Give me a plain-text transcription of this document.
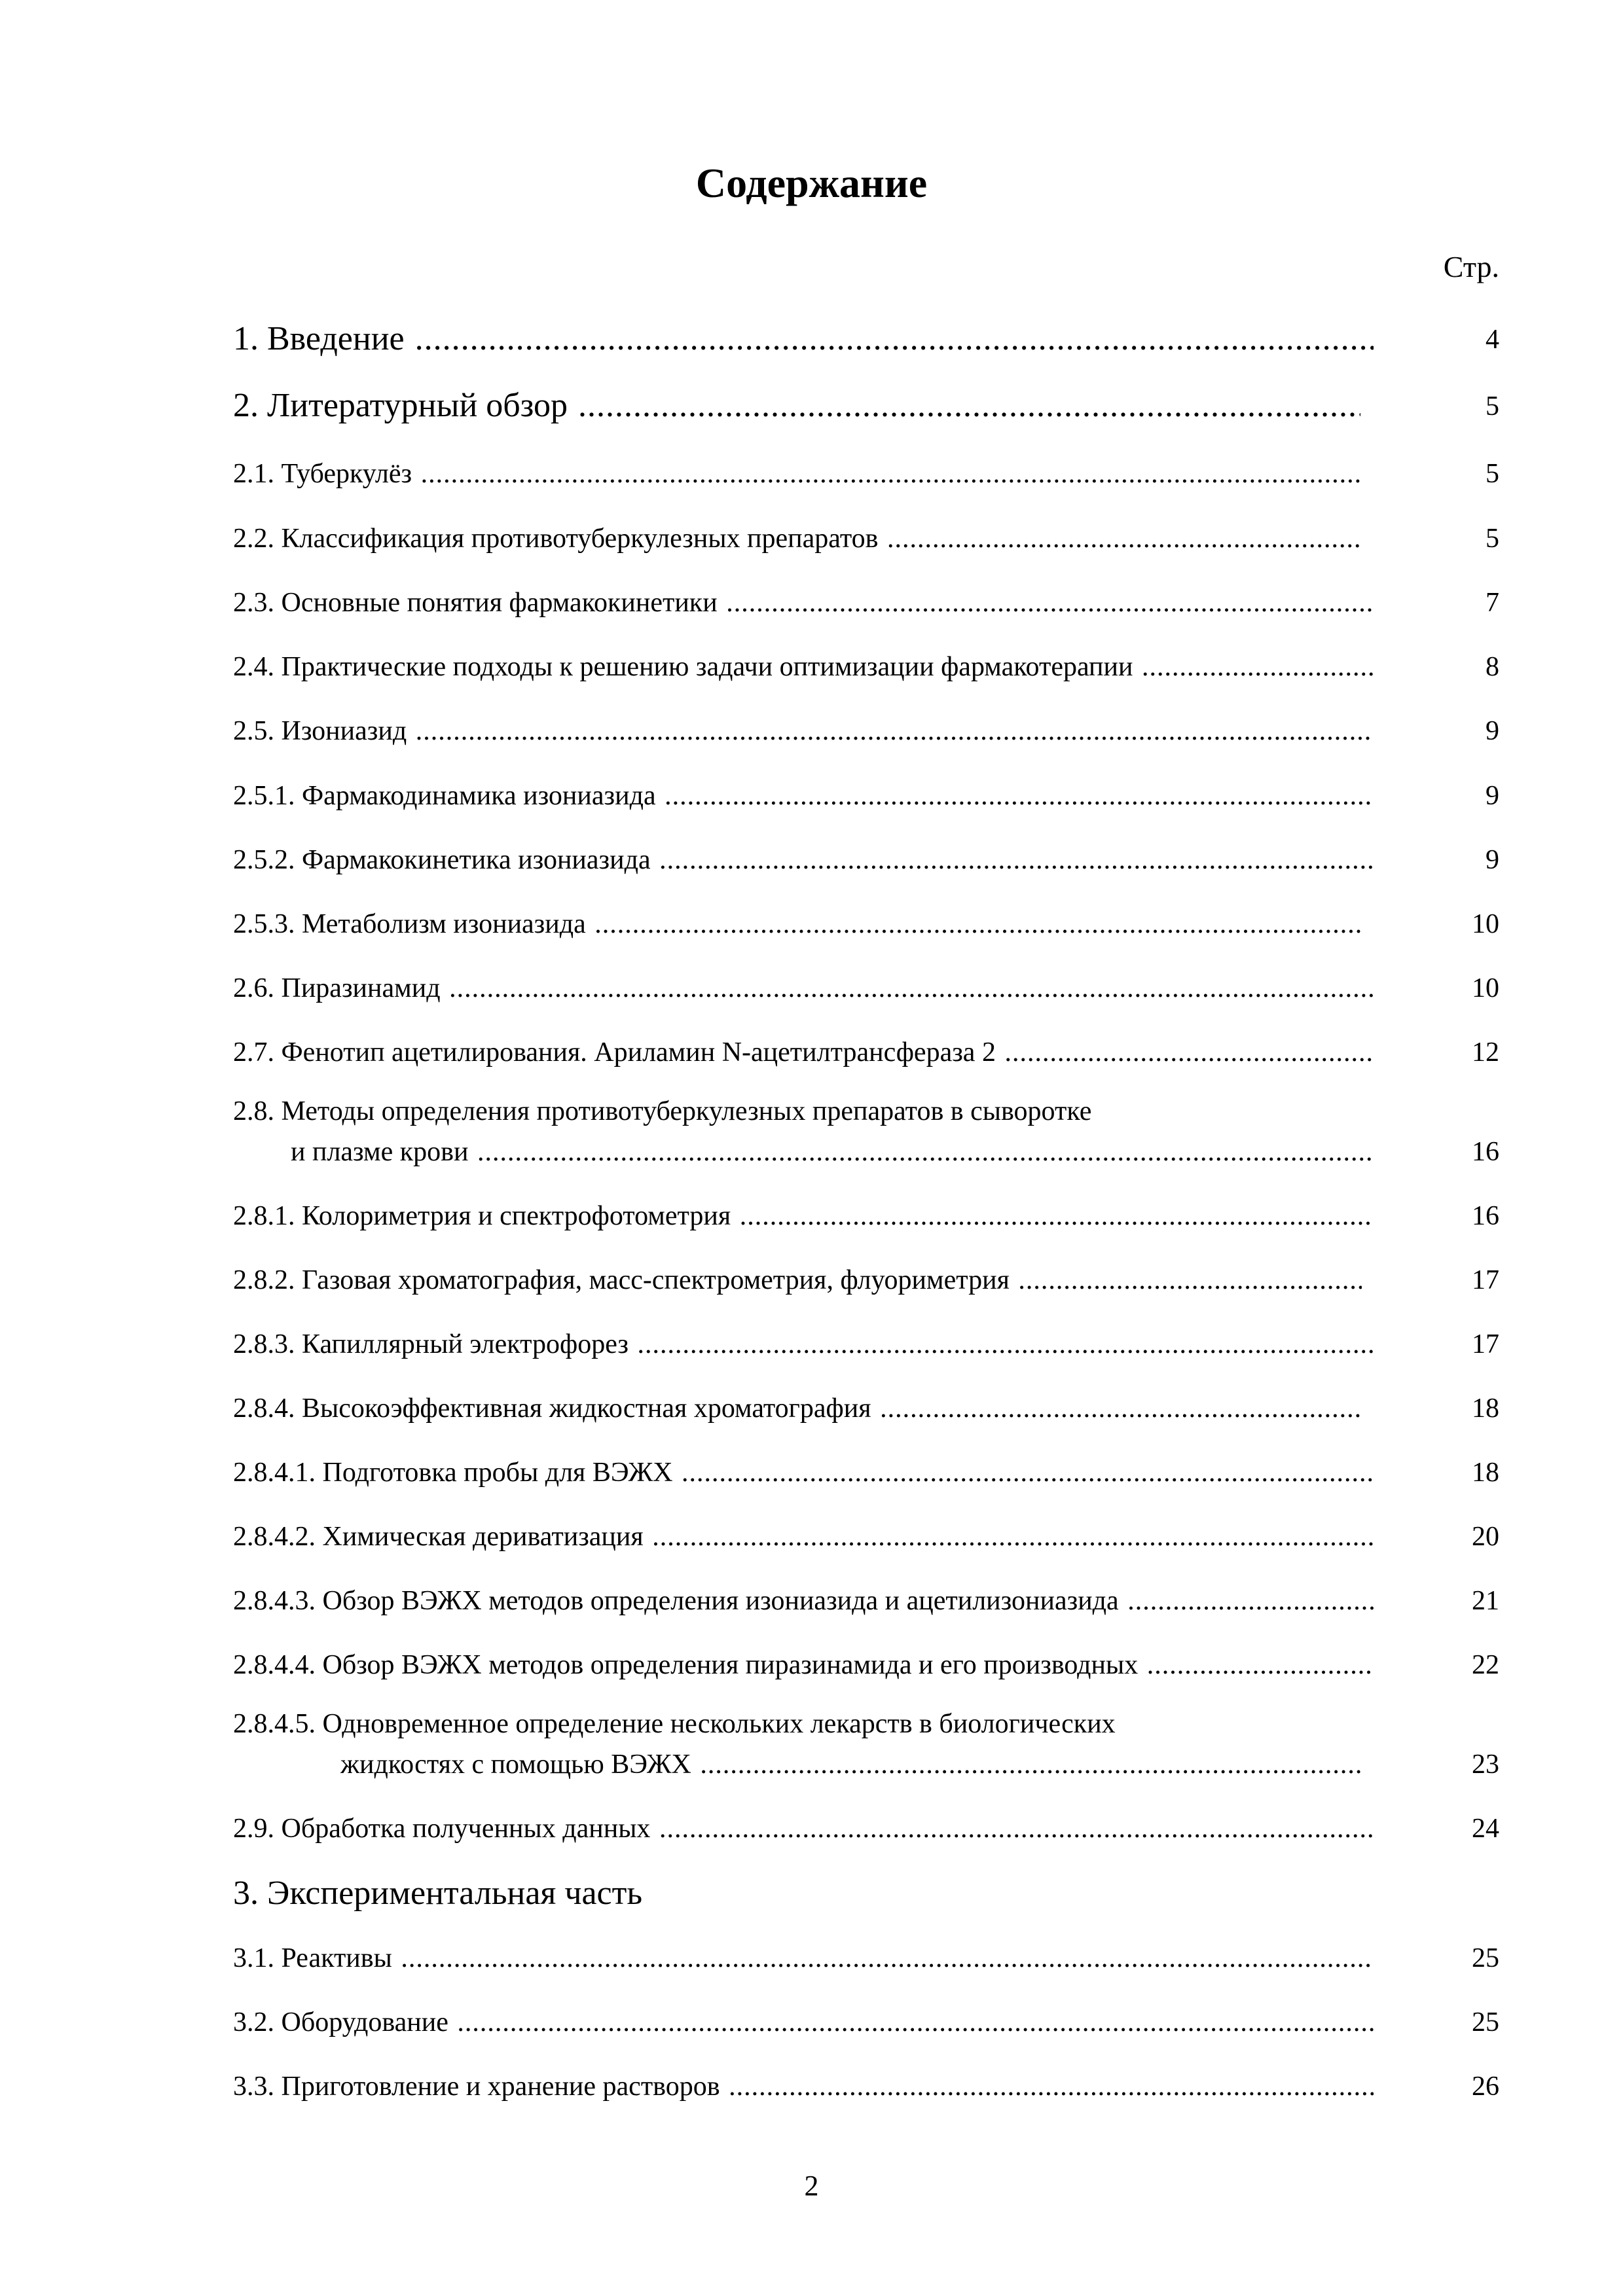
Содержание
Стр.
1. Введение .....	4
2. Литературный обзор .....	5
2.1. Туберкулёз .....	5
2.2. Классификация противотуберкулезных препаратов .....	5
2.3. Основные понятия фармакокинетики .....	7
2.4. Практические подходы к решению задачи оптимизации фармакотерапии .....	8
2.5. Изониазид .....	9
2.5.1. Фармакодинамика изониазида .....	9
2.5.2. Фармакокинетика изониазида .....	9
2.5.3. Метаболизм изониазида .....	10
2.6. Пиразинамид .....	10
2.7. Фенотип ацетилирования. Ариламин N-ацетилтрансфераза 2 .....	12
2.8. Методы определения противотуберкулезных препаратов в сыворотке
и плазме крови .....	16
2.8.1. Колориметрия и спектрофотометрия .....	16
2.8.2. Газовая хроматография, масс-спектрометрия, флуориметрия .....	17
2.8.3. Капиллярный электрофорез .....	17
2.8.4. Высокоэффективная жидкостная хроматография .....	18
2.8.4.1. Подготовка пробы для ВЭЖХ .....	18
2.8.4.2. Химическая дериватизация .....	20
2.8.4.3. Обзор ВЭЖХ методов определения изониазида и ацетилизониазида .....	21
2.8.4.4. Обзор ВЭЖХ методов определения пиразинамида и его производных .....	22
2.8.4.5. Одновременное определение нескольких лекарств в биологических
жидкостях с помощью ВЭЖХ .....	23
2.9. Обработка полученных данных .....	24
3. Экспериментальная часть
3.1. Реактивы .....	25
3.2. Оборудование .....	25
3.3. Приготовление и хранение растворов .....	26
2
